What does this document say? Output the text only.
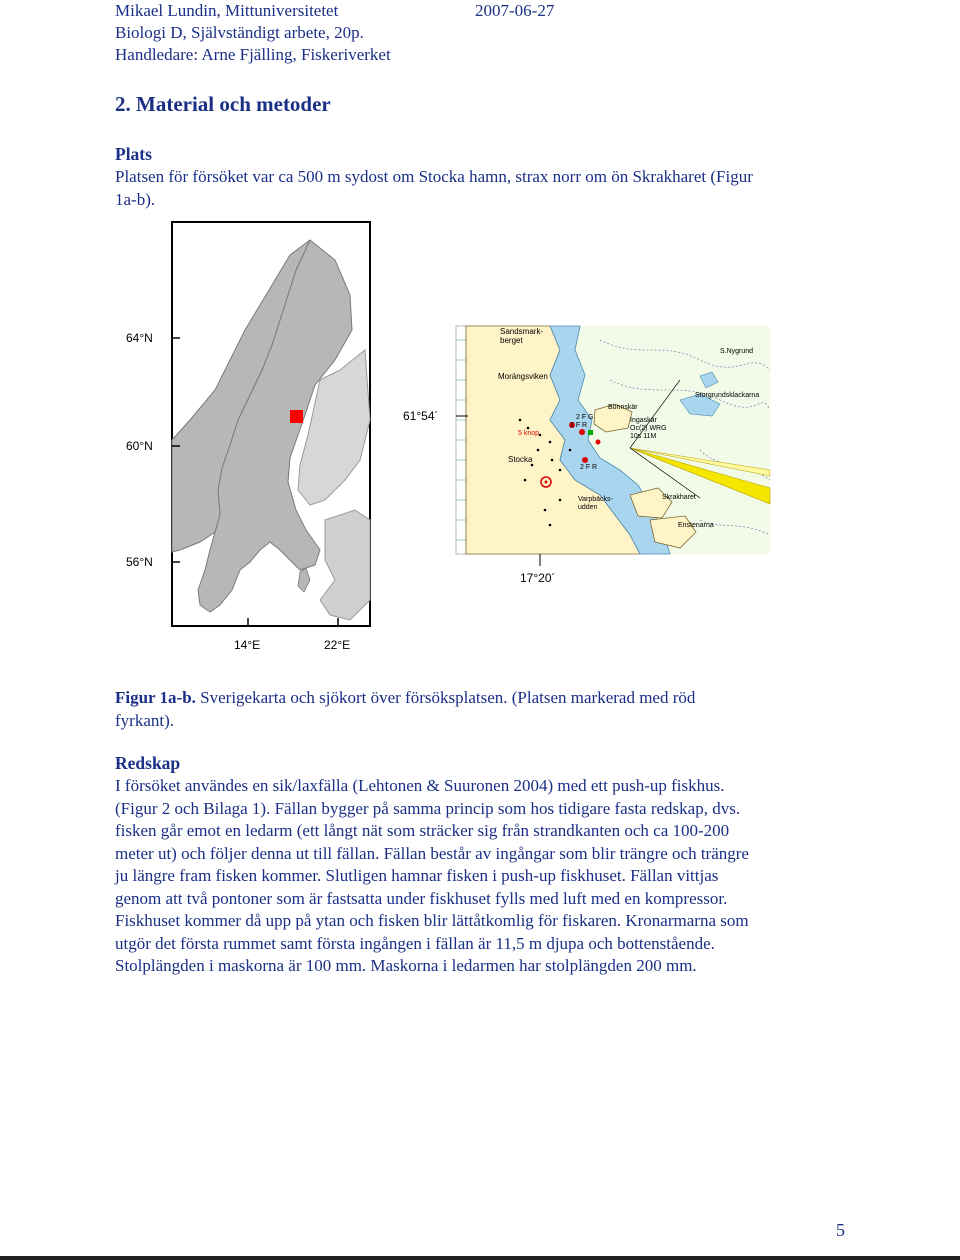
Mikael Lundin, Mittuniversitetet	2007-06-27
Biologi D, Självständigt arbete, 20p.
Handledare: Arne Fjälling, Fiskeriverket
2. Material och metoder
Plats
Platsen för försöket var ca 500 m sydost om Stocka hamn, strax norr om ön Skrakharet (Figur
1a-b).
64°N
60°N
56°N
14°E	22°E
61°54´
17°20´
Sandsmark-berget
Morängsviken
Bönnskär
Ingaskär
Oc(2) WRG
10s 11M
Stocka
Skrakharet
Varpbäcks-udden
Enstenarna
S.Nygrund
Storgrundsklackarna
5 knop
2 F G
2 F R
2 F R
Figur 1a-b. Sverigekarta och sjökort över försöksplatsen. (Platsen markerad med röd
fyrkant).
Redskap
I försöket användes en sik/laxfälla (Lehtonen & Suuronen 2004) med ett push-up fiskhus.
(Figur 2 och Bilaga 1). Fällan bygger på samma princip som hos tidigare fasta redskap, dvs.
fisken går emot en ledarm (ett långt nät som sträcker sig från strandkanten och ca 100-200
meter ut) och följer denna ut till fällan. Fällan består av ingångar som blir trängre och trängre
ju längre fram fisken kommer. Slutligen hamnar fisken i push-up fiskhuset. Fällan vittjas
genom att två pontoner som är fastsatta under fiskhuset fylls med luft med en kompressor.
Fiskhuset kommer då upp på ytan och fisken blir lättåtkomlig för fiskaren. Kronarmarna som
utgör det första rummet samt första ingången i fällan är 11,5 m djupa och bottenstående.
Stolplängden i maskorna är 100 mm. Maskorna i ledarmen har stolplängden 200 mm.
5
